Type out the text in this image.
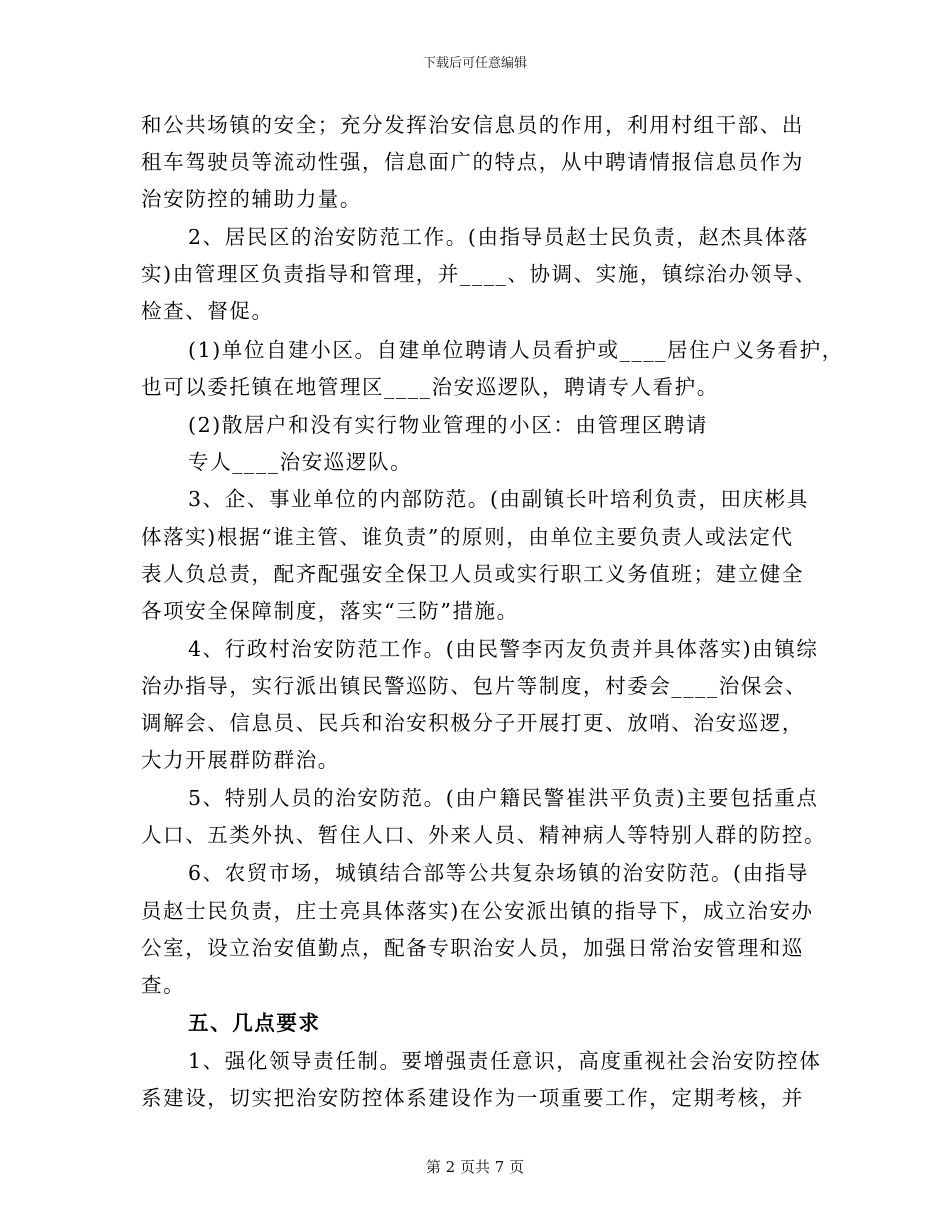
下载后可任意编辑
和公共场镇的安全；充分发挥治安信息员的作用，利用村组干部、出
租车驾驶员等流动性强，信息面广的特点，从中聘请情报信息员作为
治安防控的辅助力量。
2、居民区的治安防范工作。(由指导员赵士民负责，赵杰具体落
实)由管理区负责指导和管理，并____、协调、实施，镇综治办领导、
检查、督促。
(1)单位自建小区。自建单位聘请人员看护或____居住户义务看护，
也可以委托镇在地管理区____治安巡逻队，聘请专人看护。
(2)散居户和没有实行物业管理的小区：由管理区聘请
专人____治安巡逻队。
3、企、事业单位的内部防范。(由副镇长叶培利负责，田庆彬具
体落实)根据“谁主管、谁负责”的原则，由单位主要负责人或法定代
表人负总责，配齐配强安全保卫人员或实行职工义务值班；建立健全
各项安全保障制度，落实“三防”措施。
4、行政村治安防范工作。(由民警李丙友负责并具体落实)由镇综
治办指导，实行派出镇民警巡防、包片等制度，村委会____治保会、
调解会、信息员、民兵和治安积极分子开展打更、放哨、治安巡逻，
大力开展群防群治。
5、特别人员的治安防范。(由户籍民警崔洪平负责)主要包括重点
人口、五类外执、暂住人口、外来人员、精神病人等特别人群的防控。
6、农贸市场，城镇结合部等公共复杂场镇的治安防范。(由指导
员赵士民负责，庄士亮具体落实)在公安派出镇的指导下，成立治安办
公室，设立治安值勤点，配备专职治安人员，加强日常治安管理和巡
查。
五、几点要求
1、强化领导责任制。要增强责任意识，高度重视社会治安防控体
系建设，切实把治安防控体系建设作为一项重要工作，定期考核，并
第 2 页共 7 页
